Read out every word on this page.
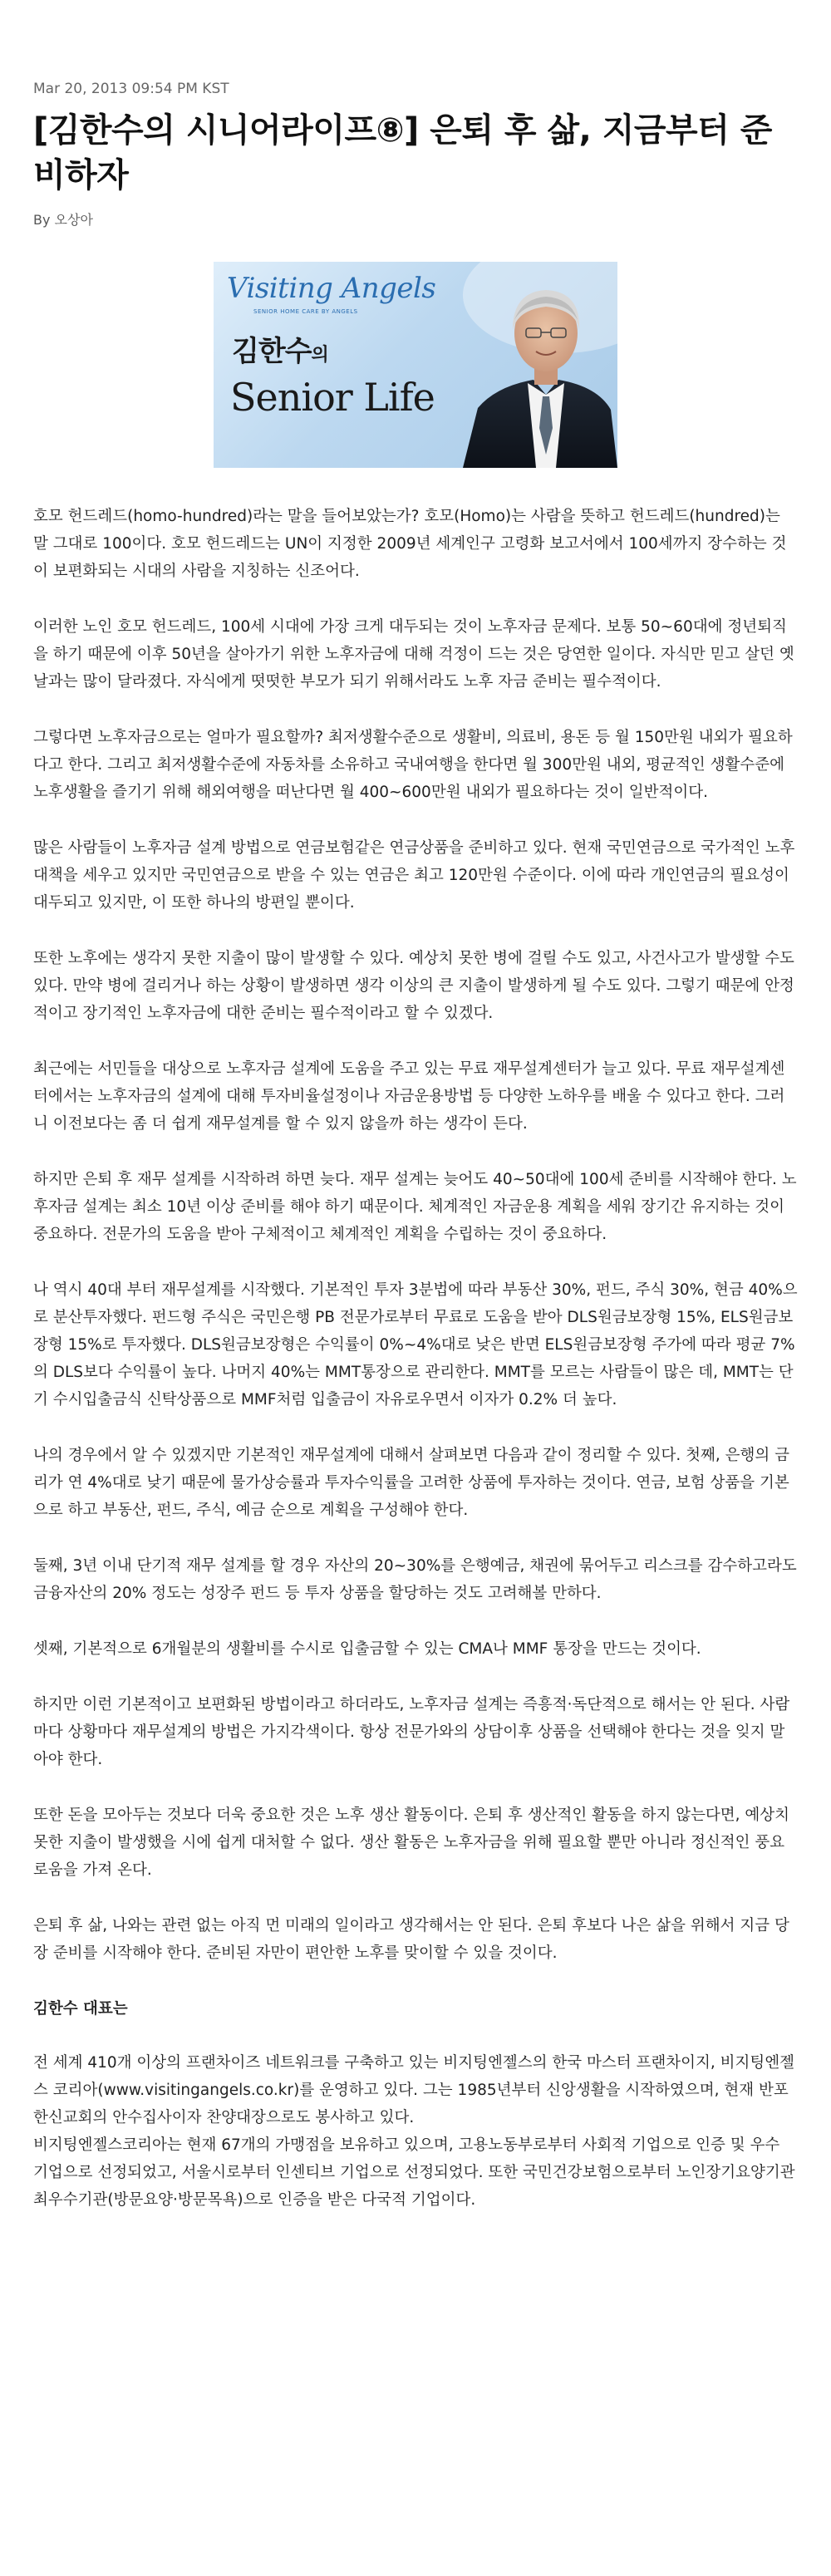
Mar 20, 2013 09:54 PM KST
[김한수의 시니어라이프⑧] 은퇴 후 삶, 지금부터 준비하자
By 오상아
Visiting Angels
SENIOR HOME CARE BY ANGELS
김한수의
Senior Life

호모 헌드레드(homo-hundred)라는 말을 들어보았는가? 호모(Homo)는 사람을 뜻하고 헌드레드(hundred)는 말 그대로 100이다. 호모 헌드레드는 UN이 지정한 2009년 세계인구 고령화 보고서에서 100세까지 장수하는 것이 보편화되는 시대의 사람을 지칭하는 신조어다.

이러한 노인 호모 헌드레드, 100세 시대에 가장 크게 대두되는 것이 노후자금 문제다. 보통 50~60대에 정년퇴직을 하기 때문에 이후 50년을 살아가기 위한 노후자금에 대해 걱정이 드는 것은 당연한 일이다. 자식만 믿고 살던 옛날과는 많이 달라졌다. 자식에게 떳떳한 부모가 되기 위해서라도 노후 자금 준비는 필수적이다.

그렇다면 노후자금으로는 얼마가 필요할까? 최저생활수준으로 생활비, 의료비, 용돈 등 월 150만원 내외가 필요하다고 한다. 그리고 최저생활수준에 자동차를 소유하고 국내여행을 한다면 월 300만원 내외, 평균적인 생활수준에 노후생활을 즐기기 위해 해외여행을 떠난다면 월 400~600만원 내외가 필요하다는 것이 일반적이다.

많은 사람들이 노후자금 설계 방법으로 연금보험같은 연금상품을 준비하고 있다. 현재 국민연금으로 국가적인 노후대책을 세우고 있지만 국민연금으로 받을 수 있는 연금은 최고 120만원 수준이다. 이에 따라 개인연금의 필요성이 대두되고 있지만, 이 또한 하나의 방편일 뿐이다.

또한 노후에는 생각지 못한 지출이 많이 발생할 수 있다. 예상치 못한 병에 걸릴 수도 있고, 사건사고가 발생할 수도 있다. 만약 병에 걸리거나 하는 상황이 발생하면 생각 이상의 큰 지출이 발생하게 될 수도 있다. 그렇기 때문에 안정적이고 장기적인 노후자금에 대한 준비는 필수적이라고 할 수 있겠다.

최근에는 서민들을 대상으로 노후자금 설계에 도움을 주고 있는 무료 재무설계센터가 늘고 있다. 무료 재무설계센터에서는 노후자금의 설계에 대해 투자비율설정이나 자금운용방법 등 다양한 노하우를 배울 수 있다고 한다. 그러니 이전보다는 좀 더 쉽게 재무설계를 할 수 있지 않을까 하는 생각이 든다.

하지만 은퇴 후 재무 설계를 시작하려 하면 늦다. 재무 설계는 늦어도 40~50대에 100세 준비를 시작해야 한다. 노후자금 설계는 최소 10년 이상 준비를 해야 하기 때문이다. 체계적인 자금운용 계획을 세워 장기간 유지하는 것이 중요하다. 전문가의 도움을 받아 구체적이고 체계적인 계획을 수립하는 것이 중요하다.

나 역시 40대 부터 재무설계를 시작했다. 기본적인 투자 3분법에 따라 부동산 30%, 펀드, 주식 30%, 현금 40%으로 분산투자했다. 펀드형 주식은 국민은행 PB 전문가로부터 무료로 도움을 받아 DLS원금보장형 15%, ELS원금보장형 15%로 투자했다. DLS원금보장형은 수익률이 0%~4%대로 낮은 반면 ELS원금보장형 주가에 따라 평균 7%의 DLS보다 수익률이 높다. 나머지 40%는 MMT통장으로 관리한다. MMT를 모르는 사람들이 많은 데, MMT는 단기 수시입출금식 신탁상품으로 MMF처럼 입출금이 자유로우면서 이자가 0.2% 더 높다.

나의 경우에서 알 수 있겠지만 기본적인 재무설계에 대해서 살펴보면 다음과 같이 정리할 수 있다. 첫째, 은행의 금리가 연 4%대로 낮기 때문에 물가상승률과 투자수익률을 고려한 상품에 투자하는 것이다. 연금, 보험 상품을 기본으로 하고 부동산, 펀드, 주식, 예금 순으로 계획을 구성해야 한다.

둘째, 3년 이내 단기적 재무 설계를 할 경우 자산의 20~30%를 은행예금, 채권에 묶어두고 리스크를 감수하고라도 금융자산의 20% 정도는 성장주 펀드 등 투자 상품을 할당하는 것도 고려해볼 만하다.

셋째, 기본적으로 6개월분의 생활비를 수시로 입출금할 수 있는 CMA나 MMF 통장을 만드는 것이다.

하지만 이런 기본적이고 보편화된 방법이라고 하더라도, 노후자금 설계는 즉흥적·독단적으로 해서는 안 된다. 사람마다 상황마다 재무설계의 방법은 가지각색이다. 항상 전문가와의 상담이후 상품을 선택해야 한다는 것을 잊지 말아야 한다.

또한 돈을 모아두는 것보다 더욱 중요한 것은 노후 생산 활동이다. 은퇴 후 생산적인 활동을 하지 않는다면, 예상치 못한 지출이 발생했을 시에 쉽게 대처할 수 없다. 생산 활동은 노후자금을 위해 필요할 뿐만 아니라 정신적인 풍요로움을 가져 온다.

은퇴 후 삶, 나와는 관련 없는 아직 먼 미래의 일이라고 생각해서는 안 된다. 은퇴 후보다 나은 삶을 위해서 지금 당장 준비를 시작해야 한다. 준비된 자만이 편안한 노후를 맞이할 수 있을 것이다.

김한수 대표는

전 세계 410개 이상의 프랜차이즈 네트워크를 구축하고 있는 비지팅엔젤스의 한국 마스터 프랜차이지, 비지팅엔젤스 코리아(www.visitingangels.co.kr)를 운영하고 있다. 그는 1985년부터 신앙생활을 시작하였으며, 현재 반포 한신교회의 안수집사이자 찬양대장으로도 봉사하고 있다.

비지팅엔젤스코리아는 현재 67개의 가맹점을 보유하고 있으며, 고용노동부로부터 사회적 기업으로 인증 및 우수 기업으로 선정되었고, 서울시로부터 인센티브 기업으로 선정되었다. 또한 국민건강보험으로부터 노인장기요양기관 최우수기관(방문요양·방문목욕)으로 인증을 받은 다국적 기업이다.
